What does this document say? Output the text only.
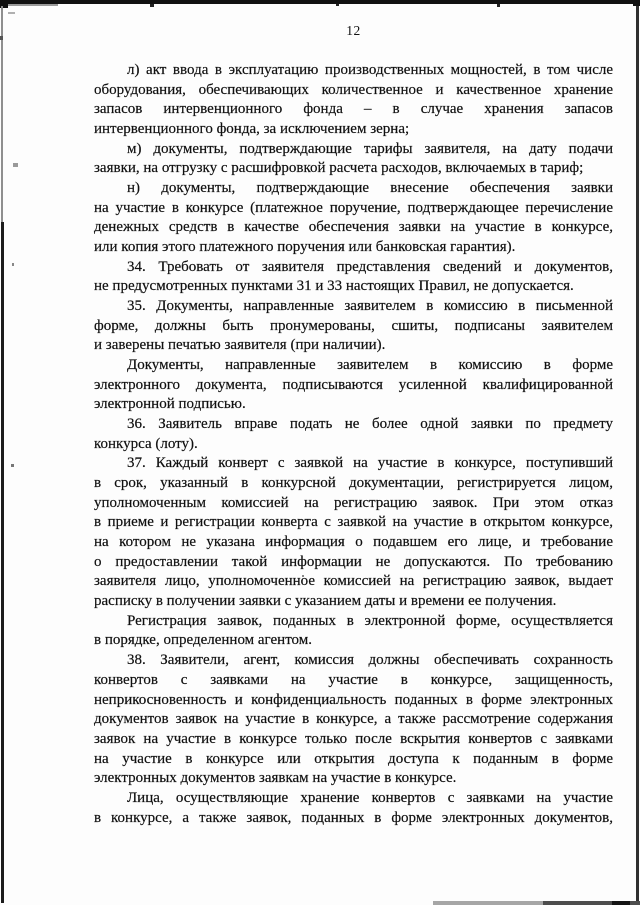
12
л) акт ввода в эксплуатацию производственных мощностей, в том числе
оборудования, обеспечивающих количественное и качественное хранение
запасов интервенционного фонда – в случае хранения запасов
интервенционного фонда, за исключением зерна;
м) документы, подтверждающие тарифы заявителя, на дату подачи
заявки, на отгрузку с расшифровкой расчета расходов, включаемых в тариф;
н) документы, подтверждающие внесение обеспечения заявки
на участие в конкурсе (платежное поручение, подтверждающее перечисление
денежных средств в качестве обеспечения заявки на участие в конкурсе,
или копия этого платежного поручения или банковская гарантия).
34. Требовать от заявителя представления сведений и документов,
не предусмотренных пунктами 31 и 33 настоящих Правил, не допускается.
35. Документы, направленные заявителем в комиссию в письменной
форме, должны быть пронумерованы, сшиты, подписаны заявителем
и заверены печатью заявителя (при наличии).
Документы, направленные заявителем в комиссию в форме
электронного документа, подписываются усиленной квалифицированной
электронной подписью.
36. Заявитель вправе подать не более одной заявки по предмету
конкурса (лоту).
37. Каждый конверт с заявкой на участие в конкурсе, поступивший
в срок, указанный в конкурсной документации, регистрируется лицом,
уполномоченным комиссией на регистрацию заявок. При этом отказ
в приеме и регистрации конверта с заявкой на участие в открытом конкурсе,
на котором не указана информация о подавшем его лице, и требование
о предоставлении такой информации не допускаются. По требованию
заявителя лицо, уполномоченное комиссией на регистрацию заявок, выдает
расписку в получении заявки с указанием даты и времени ее получения.
Регистрация заявок, поданных в электронной форме, осуществляется
в порядке, определенном агентом.
38. Заявители, агент, комиссия должны обеспечивать сохранность
конвертов с заявками на участие в конкурсе, защищенность,
неприкосновенность и конфиденциальность поданных в форме электронных
документов заявок на участие в конкурсе, а также рассмотрение содержания
заявок на участие в конкурсе только после вскрытия конвертов с заявками
на участие в конкурсе или открытия доступа к поданным в форме
электронных документов заявкам на участие в конкурсе.
Лица, осуществляющие хранение конвертов с заявками на участие
в конкурсе, а также заявок, поданных в форме электронных документов,
